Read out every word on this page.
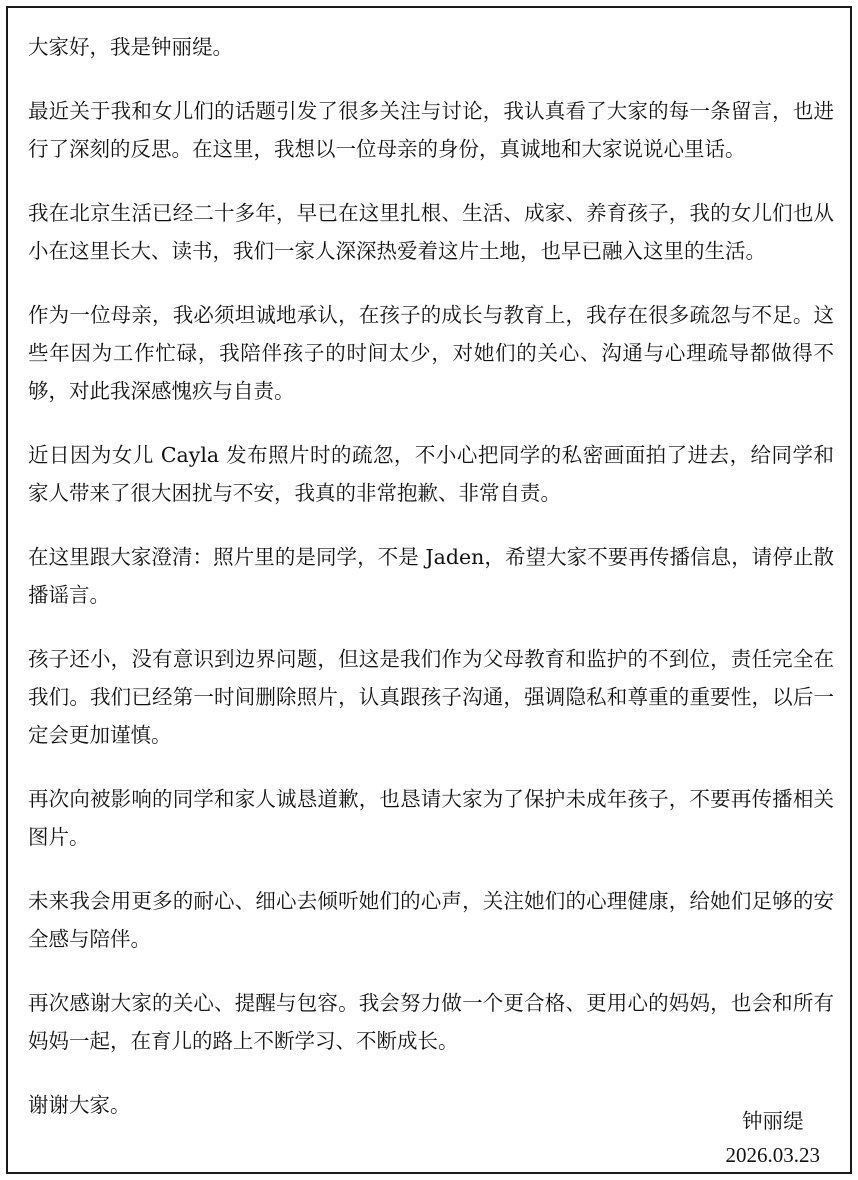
大家好，我是钟丽缇。

最近关于我和女儿们的话题引发了很多关注与讨论，我认真看了大家的每一条留言，也进行了深刻的反思。在这里，我想以一位母亲的身份，真诚地和大家说说心里话。

我在北京生活已经二十多年，早已在这里扎根、生活、成家、养育孩子，我的女儿们也从小在这里长大、读书，我们一家人深深热爱着这片土地，也早已融入这里的生活。

作为一位母亲，我必须坦诚地承认，在孩子的成长与教育上，我存在很多疏忽与不足。这些年因为工作忙碌，我陪伴孩子的时间太少，对她们的关心、沟通与心理疏导都做得不够，对此我深感愧疚与自责。

近日因为女儿 Cayla 发布照片时的疏忽，不小心把同学的私密画面拍了进去，给同学和家人带来了很大困扰与不安，我真的非常抱歉、非常自责。

在这里跟大家澄清：照片里的是同学，不是 Jaden，希望大家不要再传播信息，请停止散播谣言。

孩子还小，没有意识到边界问题，但这是我们作为父母教育和监护的不到位，责任完全在我们。我们已经第一时间删除照片，认真跟孩子沟通，强调隐私和尊重的重要性，以后一定会更加谨慎。

再次向被影响的同学和家人诚恳道歉，也恳请大家为了保护未成年孩子，不要再传播相关图片。

未来我会用更多的耐心、细心去倾听她们的心声，关注她们的心理健康，给她们足够的安全感与陪伴。

再次感谢大家的关心、提醒与包容。我会努力做一个更合格、更用心的妈妈，也会和所有妈妈一起，在育儿的路上不断学习、不断成长。

谢谢大家。

钟丽缇
2026.03.23
